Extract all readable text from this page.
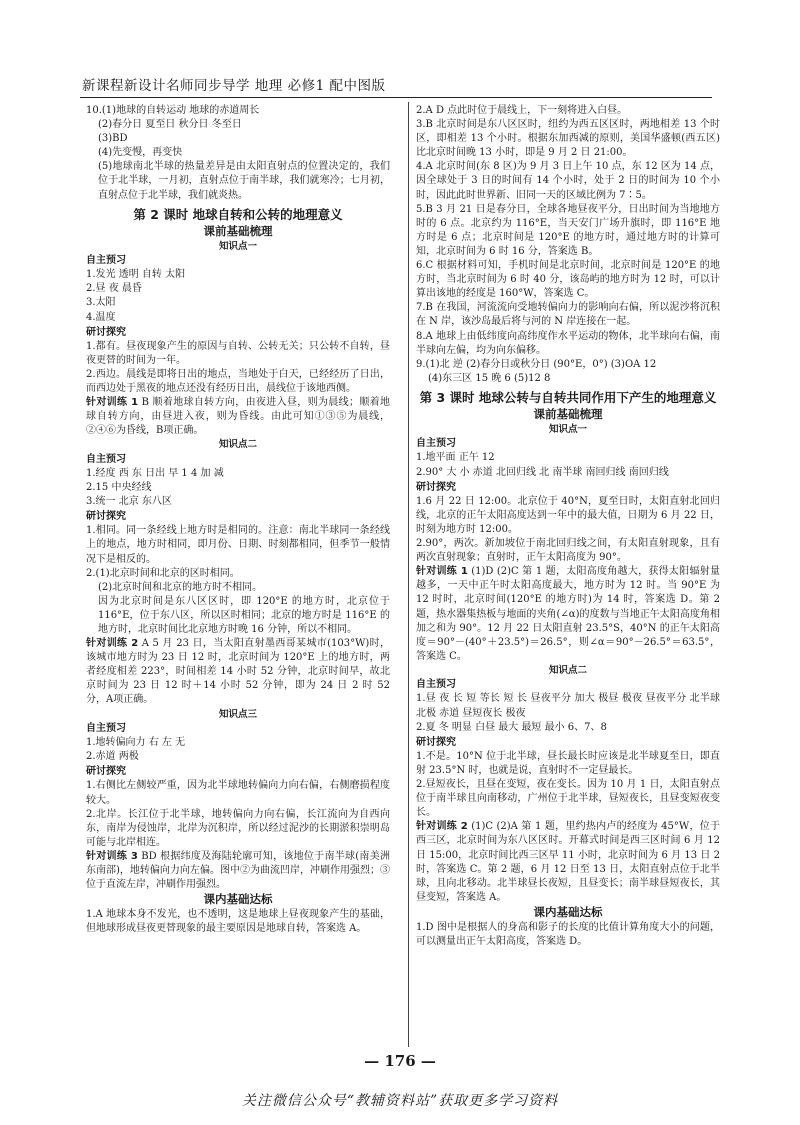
新课程新设计名师同步导学 地理 必修1 配中图版

10.(1)地球的自转运动 地球的赤道周长

(2)春分日 夏至日 秋分日 冬至日

(3)BD

(4)先变慢，再变快

(5)地球南北半球的热量差异是由太阳直射点的位置决定的，我们位于北半球，一月初，直射点位于南半球，我们就寒冷；七月初，直射点位于北半球，我们就炎热。

第 2 课时 地球自转和公转的地理意义

课前基础梳理

知识点一

自主预习

1.发光 透明 自转 太阳

2.昼 夜 晨昏

3.太阳

4.温度

研讨探究

1.都有。昼夜现象产生的原因与自转、公转无关；只公转不自转，昼夜更替的时间为一年。

2.西边。晨线是即将日出的地点，当地处于白天，已经经历了日出，而西边处于黑夜的地点还没有经历日出，晨线位于该地西侧。

针对训练 1 B 顺着地球自转方向，由夜进入昼，则为晨线；顺着地球自转方向，由昼进入夜，则为昏线。由此可知①③⑤为晨线，②④⑥为昏线，B项正确。

知识点二

自主预习

1.经度 西 东 日出 早 1 4 加 减

2.15 中央经线

3.统一 北京 东八区

研讨探究

1.相同。同一条经线上地方时是相同的。注意：南北半球同一条经线上的地点，地方时相同，即月份、日期、时刻都相同，但季节一般情况下是相反的。

2.(1)北京时间和北京的区时相同。

(2)北京时间和北京的地方时不相同。

因为北京时间是东八区区时，即 120°E 的地方时，北京位于 116°E，位于东八区，所以区时相同；北京的地方时是 116°E 的地方时，北京时间比北京地方时晚 16 分钟，所以不相同。

针对训练 2 A 5 月 23 日，当太阳直射墨西哥某城市(103°W)时，该城市地方时为 23 日 12 时，北京时间为 120°E 上的地方时，两者经度相差 223°，时间相差 14 小时 52 分钟，北京时间早，故北京时间为 23 日 12 时＋14 小时 52 分钟，即为 24 日 2 时 52 分，A项正确。

知识点三

自主预习

1.地转偏向力 右 左 无

2.赤道 两极

研讨探究

1.右侧比左侧较严重，因为北半球地转偏向力向右偏，右侧磨损程度较大。

2.北岸。长江位于北半球，地转偏向力向右偏，长江流向为自西向东，南岸为侵蚀岸，北岸为沉积岸，所以经过泥沙的长期淤积崇明岛可能与北岸相连。

针对训练 3 BD 根据纬度及海陆轮廓可知，该地位于南半球(南美洲东南部)，地转偏向力向左偏。图中②为曲流凹岸，冲刷作用强烈；③位于直流左岸，冲刷作用强烈。

课内基础达标

1.A 地球本身不发光，也不透明，这是地球上昼夜现象产生的基础，但地球形成昼夜更替现象的最主要原因是地球自转，答案选 A。

2.A D 点此时位于晨线上，下一刻将进入白昼。

3.B 北京时间是东八区区时，纽约为西五区区时，两地相差 13 个时区，即相差 13 个小时。根据东加西减的原则，美国华盛顿(西五区)比北京时间晚 13 小时，即是 9 月 2 日 21:00。

4.A 北京时间(东 8 区)为 9 月 3 日上午 10 点，东 12 区为 14 点，因全球处于 3 日的时间有 14 个小时，处于 2 日的时间为 10 个小时，因此此时世界新、旧同一天的区域比例为 7∶5。

5.B 3 月 21 日是春分日，全球各地昼夜平分，日出时间为当地地方时的 6 点。北京约为 116°E，当天安门广场升旗时，即 116°E 地方时是 6 点；北京时间是 120°E 的地方时，通过地方时的计算可知，北京时间为 6 时 16 分，答案选 B。

6.C 根据材料可知，手机时间是北京时间，北京时间是 120°E 的地方时，当北京时间为 6 时 40 分，该岛屿的地方时为 12 时，可以计算出该地的经度是 160°W，答案选 C。

7.B 在我国，河流流向受地转偏向力的影响向右偏，所以泥沙将沉积在 N 岸，该沙岛最后将与河的 N 岸连接在一起。

8.A 地球上由低纬度向高纬度作水平运动的物体，北半球向右偏，南半球向左偏，均为向东偏移。

9.(1)北 逆 (2)春分日或秋分日 (90°E，0°) (3)OA 12

(4)东三区 15 晚 6 (5)12 8

第 3 课时 地球公转与自转共同作用下产生的地理意义

课前基础梳理

知识点一

自主预习

1.地平面 正午 12

2.90° 大 小 赤道 北回归线 北 南半球 南回归线 南回归线

研讨探究

1.6 月 22 日 12:00。北京位于 40°N，夏至日时，太阳直射北回归线，北京的正午太阳高度达到一年中的最大值，日期为 6 月 22 日，时刻为地方时 12:00。

2.90°，两次。新加坡位于南北回归线之间，有太阳直射现象，且有两次直射现象；直射时，正午太阳高度为 90°。

针对训练 1 (1)D (2)C 第 1 题，太阳高度角越大，获得太阳辐射量越多，一天中正午时太阳高度最大，地方时为 12 时。当 90°E 为 12 时时，北京时间(120°E 的地方时)为 14 时，答案选 D。第 2 题，热水器集热板与地面的夹角(∠α)的度数与当地正午太阳高度角相加之和为 90°。12 月 22 日太阳直射 23.5°S，40°N 的正午太阳高度＝90°－(40°＋23.5°)＝26.5°，则∠α＝90°－26.5°＝63.5°，答案选 C。

知识点二

自主预习

1.昼 夜 长 短 等长 短 长 昼夜平分 加大 极昼 极夜 昼夜平分 北半球 北极 赤道 昼短夜长 极夜

2.夏 冬 明显 白昼 最大 最短 最小 6、7、8

研讨探究

1.不是。10°N 位于北半球，昼长最长时应该是北半球夏至日，即直射 23.5°N 时，也就是说，直射时不一定昼最长。

2.昼短夜长，且昼在变短，夜在变长。因为 10 月 1 日，太阳直射点位于南半球且向南移动，广州位于北半球，昼短夜长，且昼变短夜变长。

针对训练 2 (1)C (2)A 第 1 题，里约热内卢的经度为 45°W，位于西三区，北京时间为东八区区时。开幕式时间是西三区时间 6 月 12 日 15:00，北京时间比西三区早 11 小时，北京时间为 6 月 13 日 2 时，答案选 C。第 2 题，6 月 12 日至 13 日，太阳直射点位于北半球，且向北移动。北半球昼长夜短，且昼变长；南半球昼短夜长，其昼变短，答案选 A。

课内基础达标

1.D 图中是根据人的身高和影子的长度的比值计算角度大小的问题，可以测量出正午太阳高度，答案选 D。

— 176 —
关注微信公众号“教辅资料站”获取更多学习资料
